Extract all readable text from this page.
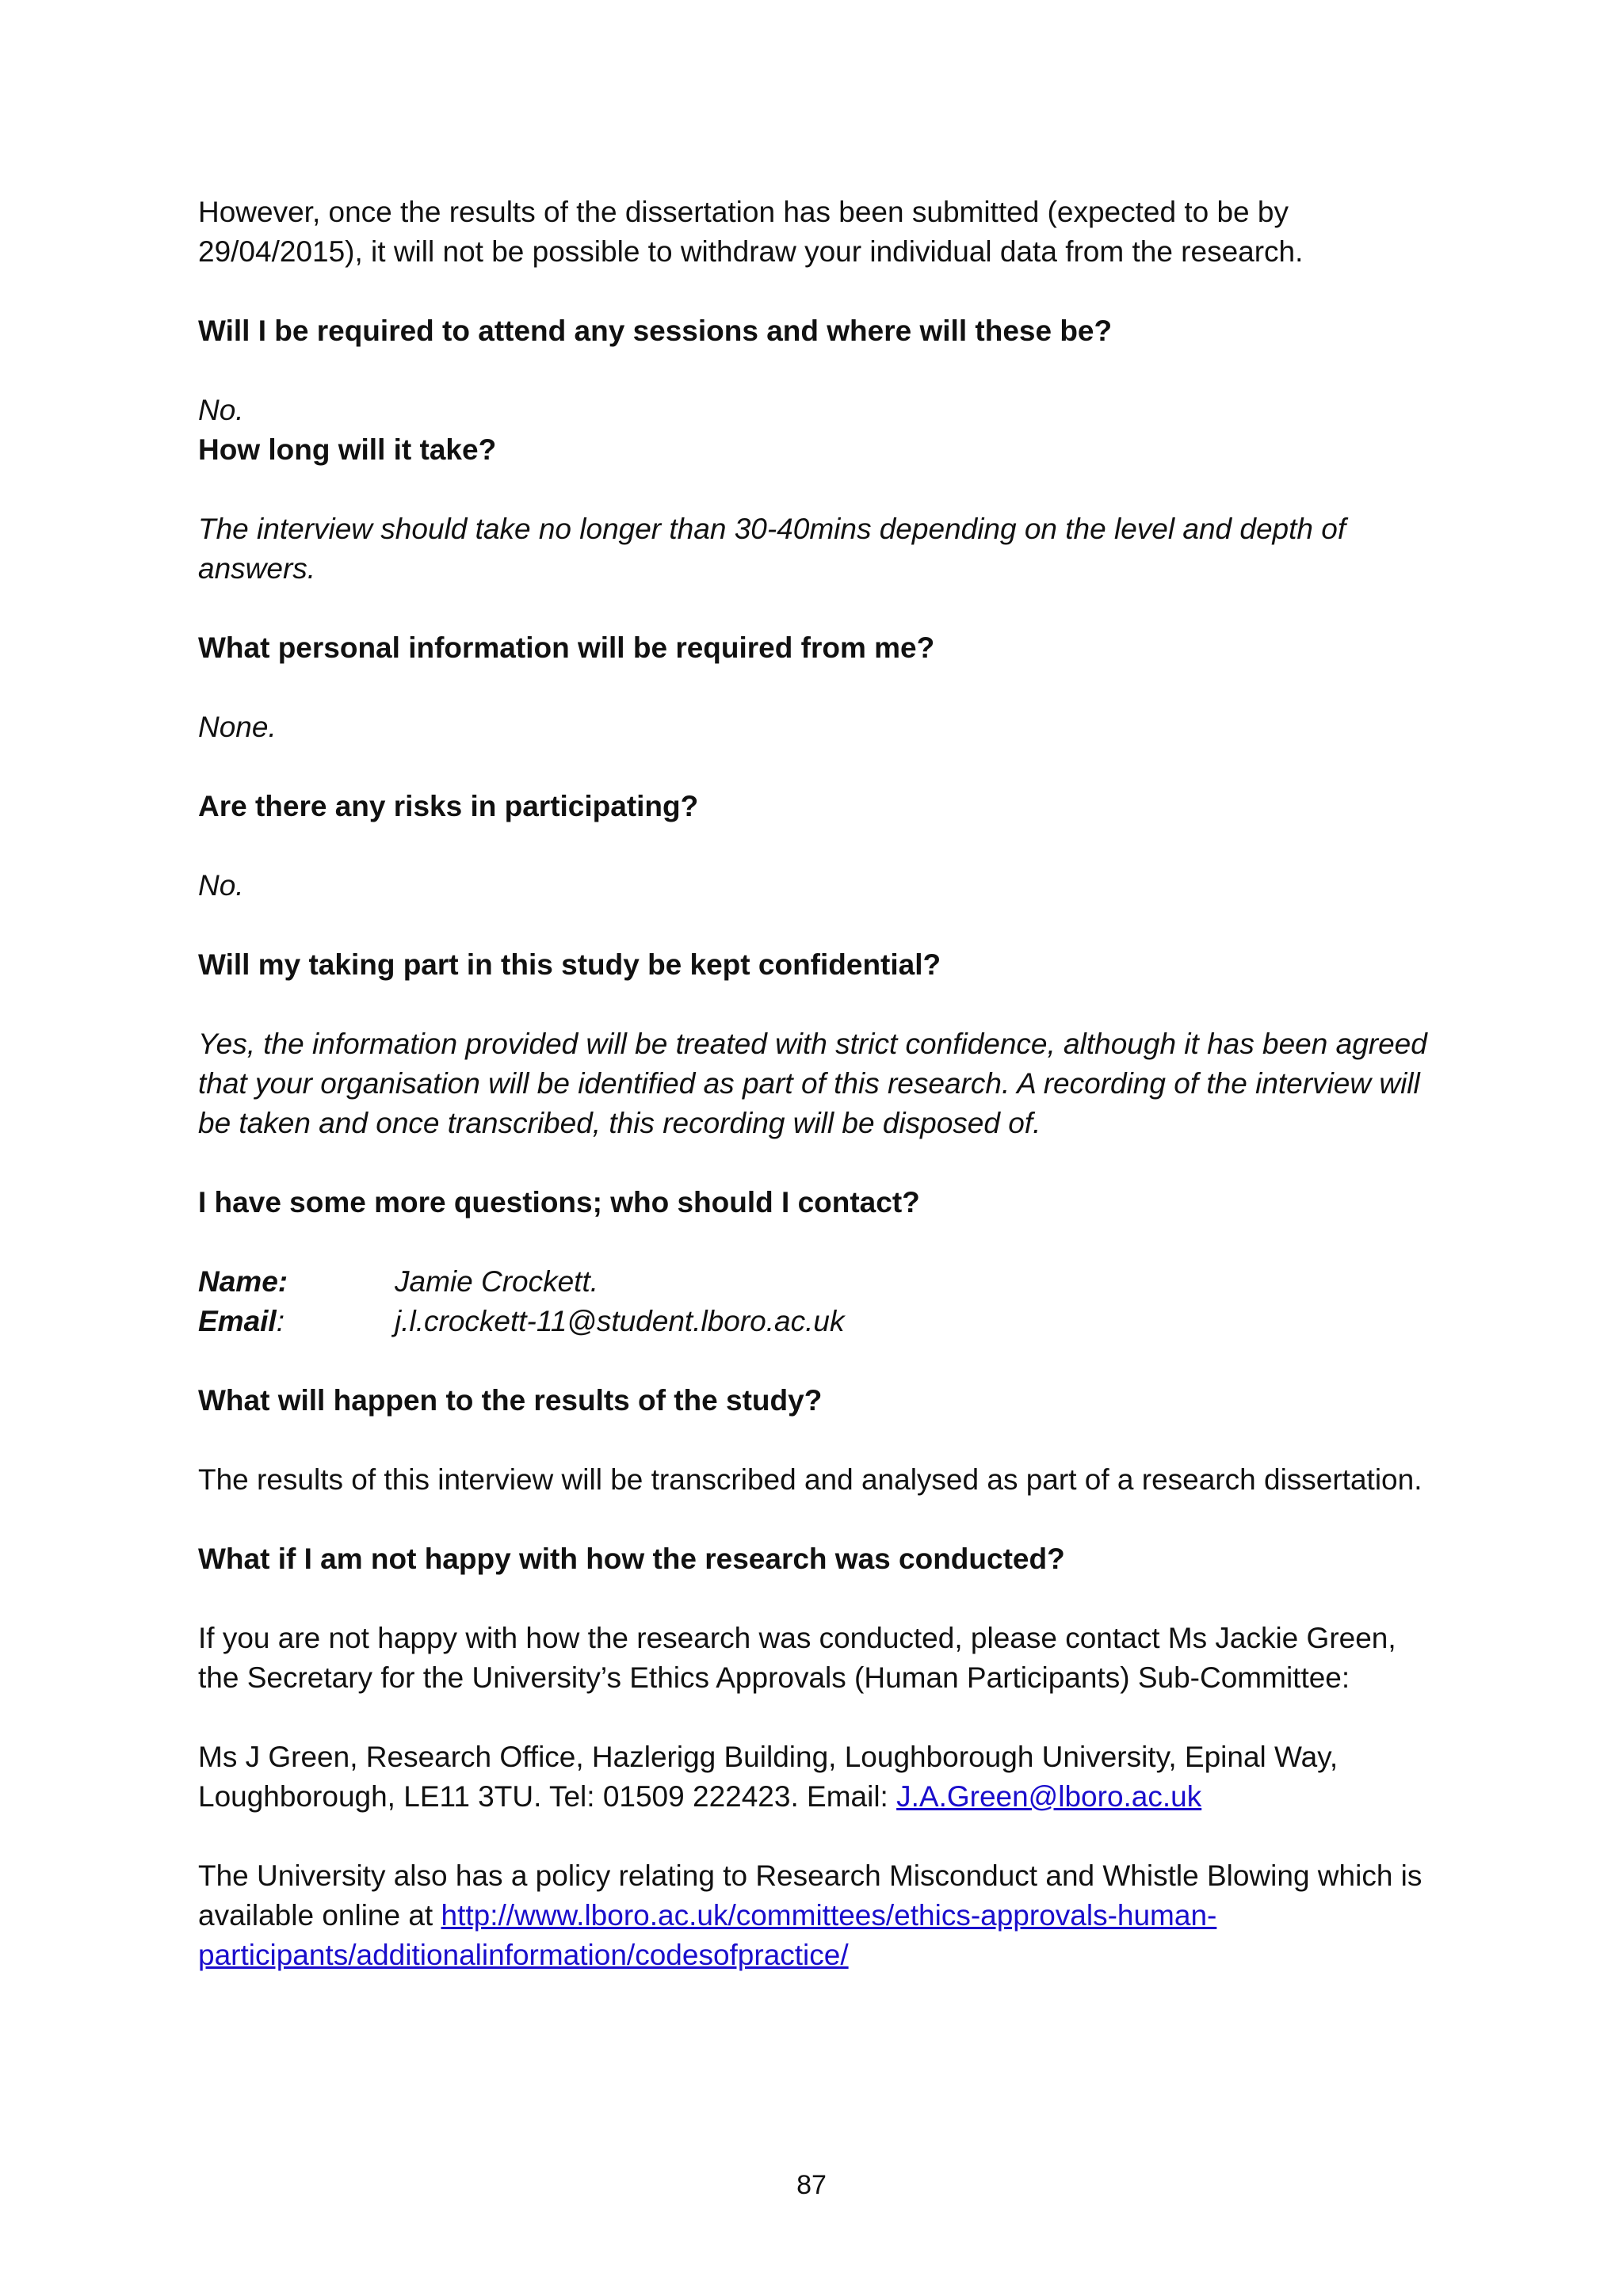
However, once the results of the dissertation has been submitted (expected to be by 29/04/2015), it will not be possible to withdraw your individual data from the research.

Will I be required to attend any sessions and where will these be?

No.

How long will it take?

The interview should take no longer than 30-40mins depending on the level and depth of answers.

What personal information will be required from me?

None.

Are there any risks in participating?

No.

Will my taking part in this study be kept confidential?

Yes, the information provided will be treated with strict confidence, although it has been agreed that your organisation will be identified as part of this research. A recording of the interview will be taken and once transcribed, this recording will be disposed of.

I have some more questions; who should I contact?

Name:	Jamie Crockett.
Email:	j.l.crockett-11@student.lboro.ac.uk

What will happen to the results of the study?

The results of this interview will be transcribed and analysed as part of a research dissertation.

What if I am not happy with how the research was conducted?

If you are not happy with how the research was conducted, please contact Ms Jackie Green, the Secretary for the University’s Ethics Approvals (Human Participants) Sub-Committee:

Ms J Green, Research Office, Hazlerigg Building, Loughborough University, Epinal Way, Loughborough, LE11 3TU. Tel: 01509 222423. Email: J.A.Green@lboro.ac.uk

The University also has a policy relating to Research Misconduct and Whistle Blowing which is available online at http://www.lboro.ac.uk/committees/ethics-approvals-human-
participants/additionalinformation/codesofpractice/

87
